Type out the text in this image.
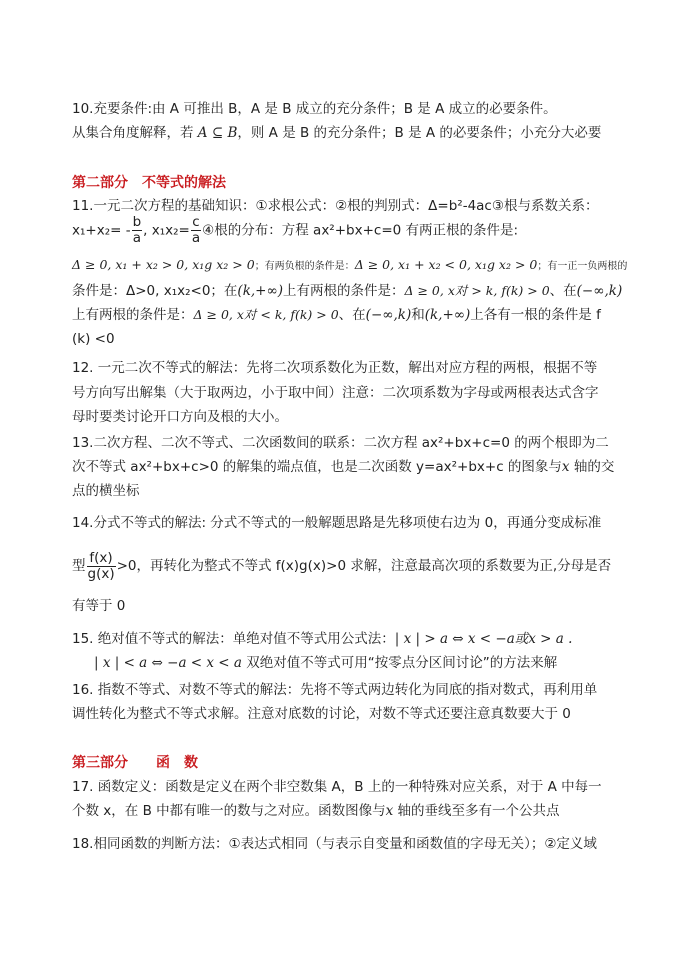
10.充要条件:由 A 可推出 B，A 是 B 成立的充分条件；B 是 A 成立的必要条件。
从集合角度解释，若 A ⊆ B，则 A 是 B 的充分条件；B 是 A 的必要条件；小充分大必要
第二部分　不等式的解法
11.一元二次方程的基础知识：①求根公式：②根的判别式：Δ=b²-4ac③根与系数关系：
$x_1+x_2= - \frac{b}{a}$ , $x_1x_2= \frac{c}{a}$ ④根的分布：方程 ax²+bx+c=0 有两正根的条件是:
Δ ≥ 0, x₁ + x₂ > 0, x₁g x₂ > 0；有两负根的条件是：Δ ≥ 0, x₁ + x₂ < 0, x₁g x₂ > 0；有一正一负两根的
条件是：Δ>0, x₁x₂<0；在(k,+∞)上有两根的条件是：Δ ≥ 0, x对 > k, f(k) > 0、在(−∞,k)
上有两根的条件是：Δ ≥ 0, x对 < k, f(k) > 0、在(−∞,k)和(k,+∞)上各有一根的条件是 f
(k) <0
12. 一元二次不等式的解法：先将二次项系数化为正数，解出对应方程的两根，根据不等
号方向写出解集（大于取两边，小于取中间）注意：二次项系数为字母或两根表达式含字
母时要类讨论开口方向及根的大小。
13.二次方程、二次不等式、二次函数间的联系：二次方程 ax²+bx+c=0 的两个根即为二
次不等式 ax²+bx+c>0 的解集的端点值，也是二次函数 y=ax²+bx+c 的图象与x 轴的交
点的横坐标
14.分式不等式的解法: 分式不等式的一般解题思路是先移项使右边为 0，再通分变成标准
型 $\frac{f(x)}{g(x)} >0$，再转化为整式不等式 f(x)g(x)>0 求解，注意最高次项的系数要为正,分母是否
有等于 0
15. 绝对值不等式的解法：单绝对值不等式用公式法：| x | > a ⇔ x < −a或x > a .
| x | < a ⇔ −a < x < a 双绝对值不等式可用“按零点分区间讨论”的方法来解
16. 指数不等式、对数不等式的解法：先将不等式两边转化为同底的指对数式，再利用单
调性转化为整式不等式求解。注意对底数的讨论，对数不等式还要注意真数要大于 0
第三部分　　函　数
17. 函数定义：函数是定义在两个非空数集 A，B 上的一种特殊对应关系，对于 A 中每一
个数 x，在 B 中都有唯一的数与之对应。函数图像与x 轴的垂线至多有一个公共点
18.相同函数的判断方法：①表达式相同（与表示自变量和函数值的字母无关）；②定义域
